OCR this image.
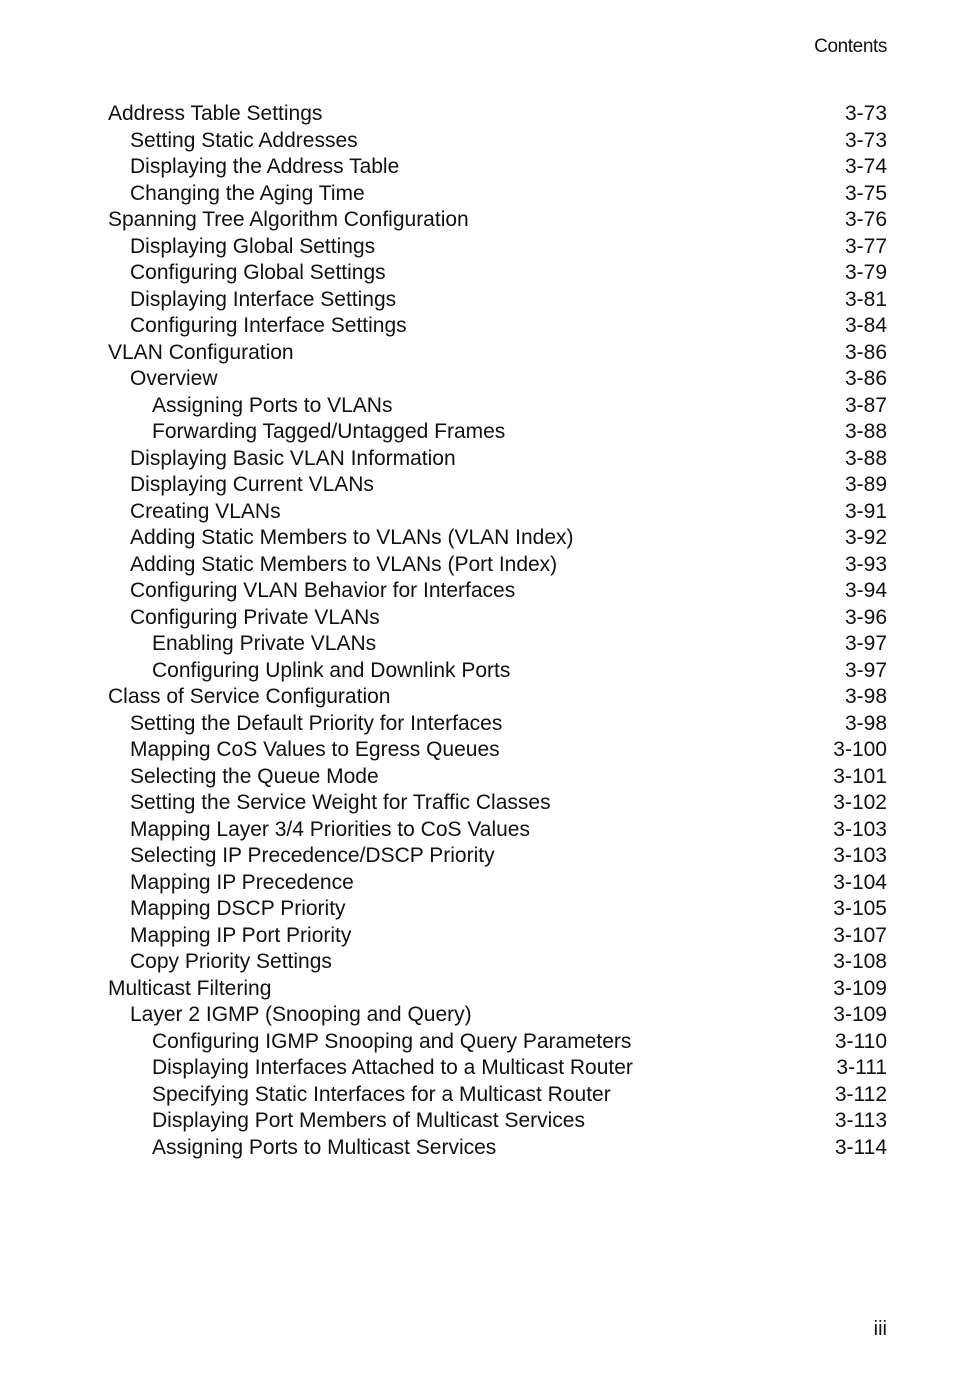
Contents
Address Table Settings	3-73
Setting Static Addresses	3-73
Displaying the Address Table	3-74
Changing the Aging Time	3-75
Spanning Tree Algorithm Configuration	3-76
Displaying Global Settings	3-77
Configuring Global Settings	3-79
Displaying Interface Settings	3-81
Configuring Interface Settings	3-84
VLAN Configuration	3-86
Overview	3-86
Assigning Ports to VLANs	3-87
Forwarding Tagged/Untagged Frames	3-88
Displaying Basic VLAN Information	3-88
Displaying Current VLANs	3-89
Creating VLANs	3-91
Adding Static Members to VLANs (VLAN Index)	3-92
Adding Static Members to VLANs (Port Index)	3-93
Configuring VLAN Behavior for Interfaces	3-94
Configuring Private VLANs	3-96
Enabling Private VLANs	3-97
Configuring Uplink and Downlink Ports	3-97
Class of Service Configuration	3-98
Setting the Default Priority for Interfaces	3-98
Mapping CoS Values to Egress Queues	3-100
Selecting the Queue Mode	3-101
Setting the Service Weight for Traffic Classes	3-102
Mapping Layer 3/4 Priorities to CoS Values	3-103
Selecting IP Precedence/DSCP Priority	3-103
Mapping IP Precedence	3-104
Mapping DSCP Priority	3-105
Mapping IP Port Priority	3-107
Copy Priority Settings	3-108
Multicast Filtering	3-109
Layer 2 IGMP (Snooping and Query)	3-109
Configuring IGMP Snooping and Query Parameters	3-110
Displaying Interfaces Attached to a Multicast Router	3-111
Specifying Static Interfaces for a Multicast Router	3-112
Displaying Port Members of Multicast Services	3-113
Assigning Ports to Multicast Services	3-114
iii
